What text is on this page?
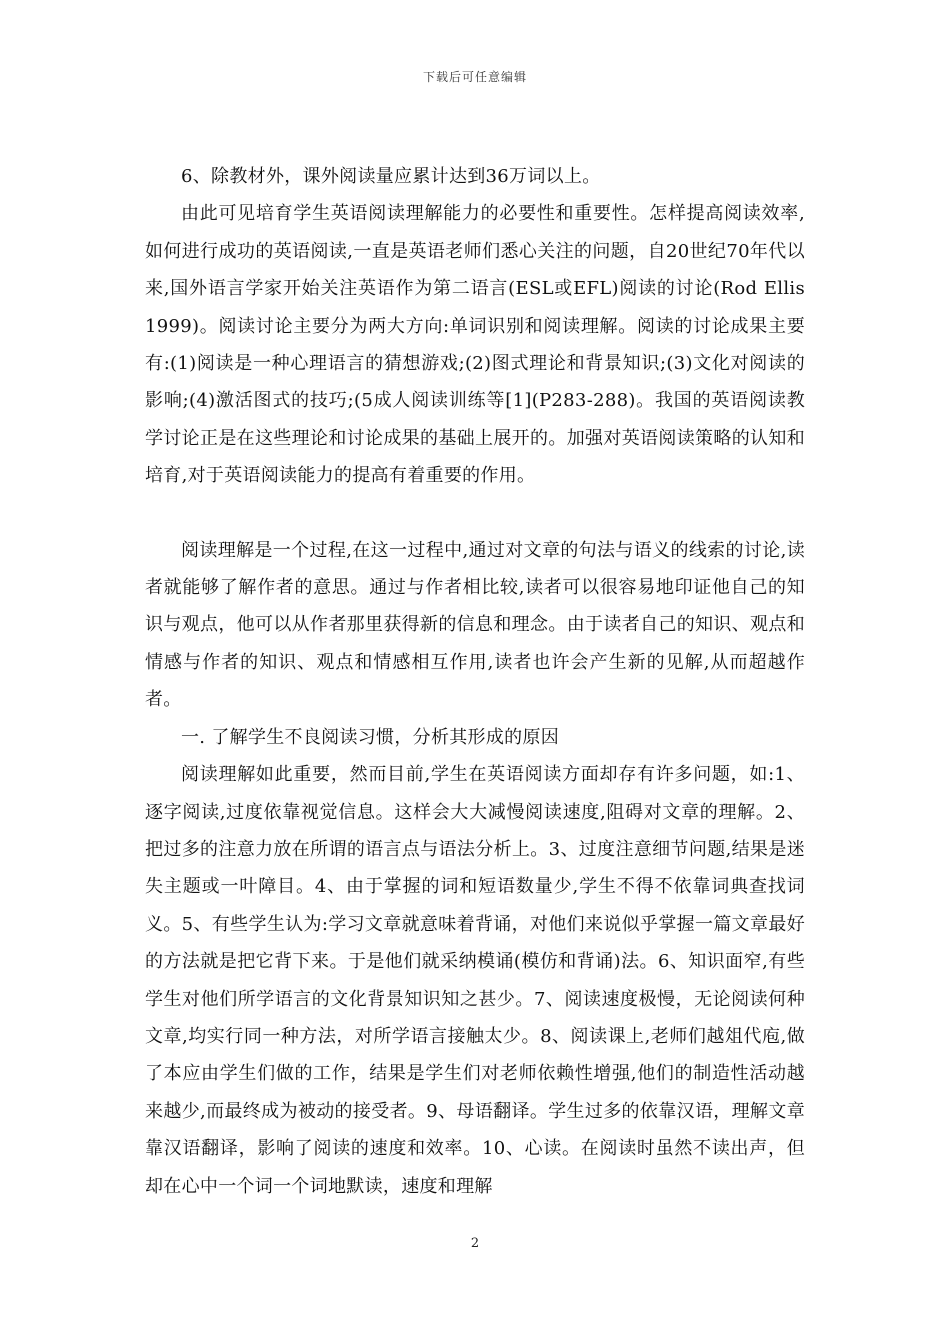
下载后可任意编辑

6、除教材外，课外阅读量应累计达到36万词以上。

由此可见培育学生英语阅读理解能力的必要性和重要性。怎样提高阅读效率,如何进行成功的英语阅读,一直是英语老师们悉心关注的问题，自20世纪70年代以来,国外语言学家开始关注英语作为第二语言(ESL或EFL)阅读的讨论(Rod Ellis 1999)。阅读讨论主要分为两大方向:单词识别和阅读理解。阅读的讨论成果主要有:(1)阅读是一种心理语言的猜想游戏;(2)图式理论和背景知识;(3)文化对阅读的影响;(4)激活图式的技巧;(5成人阅读训练等[1](P283-288)。我国的英语阅读教学讨论正是在这些理论和讨论成果的基础上展开的。加强对英语阅读策略的认知和培育,对于英语阅读能力的提高有着重要的作用。

阅读理解是一个过程,在这一过程中,通过对文章的句法与语义的线索的讨论,读者就能够了解作者的意思。通过与作者相比较,读者可以很容易地印证他自己的知识与观点，他可以从作者那里获得新的信息和理念。由于读者自己的知识、观点和情感与作者的知识、观点和情感相互作用,读者也许会产生新的见解,从而超越作者。

一. 了解学生不良阅读习惯，分析其形成的原因

阅读理解如此重要，然而目前,学生在英语阅读方面却存有许多问题，如:1、逐字阅读,过度依靠视觉信息。这样会大大减慢阅读速度,阻碍对文章的理解。2、把过多的注意力放在所谓的语言点与语法分析上。3、过度注意细节问题,结果是迷失主题或一叶障目。4、由于掌握的词和短语数量少,学生不得不依靠词典查找词义。5、有些学生认为:学习文章就意味着背诵，对他们来说似乎掌握一篇文章最好的方法就是把它背下来。于是他们就采纳模诵(模仿和背诵)法。6、知识面窄,有些学生对他们所学语言的文化背景知识知之甚少。7、阅读速度极慢，无论阅读何种文章,均实行同一种方法，对所学语言接触太少。8、阅读课上,老师们越俎代庖,做了本应由学生们做的工作，结果是学生们对老师依赖性增强,他们的制造性活动越来越少,而最终成为被动的接受者。9、母语翻译。学生过多的依靠汉语，理解文章靠汉语翻译，影响了阅读的速度和效率。10、心读。在阅读时虽然不读出声，但却在心中一个词一个词地默读，速度和理解

2
